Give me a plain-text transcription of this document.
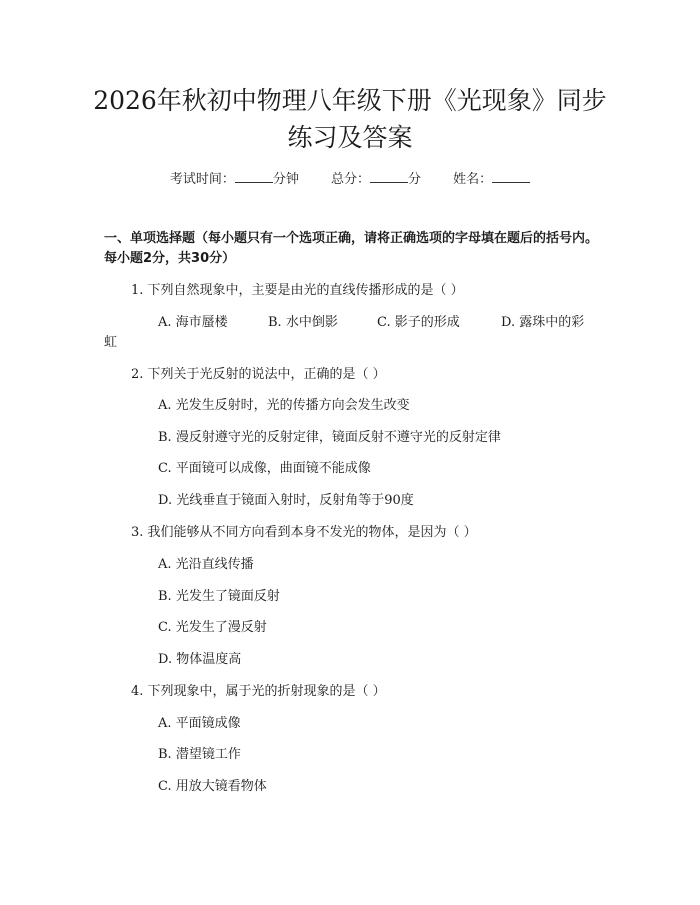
2026年秋初中物理八年级下册《光现象》同步练习及答案
考试时间：	分钟 总分：	分 姓名：
一、单项选择题（每小题只有一个选项正确，请将正确选项的字母填在题后的括号内。每小题2分，共30分）
1. 下列自然现象中，主要是由光的直线传播形成的是（ ）
A. 海市蜃楼	B. 水中倒影	C. 影子的形成	D. 露珠中的彩
虹
2. 下列关于光反射的说法中，正确的是（ ）
A. 光发生反射时，光的传播方向会发生改变
B. 漫反射遵守光的反射定律，镜面反射不遵守光的反射定律
C. 平面镜可以成像，曲面镜不能成像
D. 光线垂直于镜面入射时，反射角等于90度
3. 我们能够从不同方向看到本身不发光的物体，是因为（ ）
A. 光沿直线传播
B. 光发生了镜面反射
C. 光发生了漫反射
D. 物体温度高
4. 下列现象中，属于光的折射现象的是（ ）
A. 平面镜成像
B. 潜望镜工作
C. 用放大镜看物体
